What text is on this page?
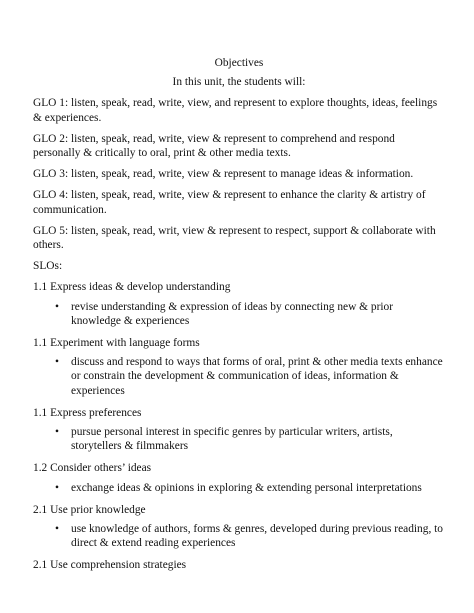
Objectives
In this unit, the students will:

GLO 1: listen, speak, read, write, view, and represent to explore thoughts, ideas, feelings & experiences.

GLO 2: listen, speak, read, write, view & represent to comprehend and respond personally & critically to oral, print & other media texts.

GLO 3: listen, speak, read, write, view & represent to manage ideas & information.

GLO 4: listen, speak, read, write, view & represent to enhance the clarity & artistry of communication.

GLO 5: listen, speak, read, writ, view & represent to respect, support & collaborate with others.

SLOs:
1.1 Express ideas & develop understanding
• revise understanding & expression of ideas by connecting new & prior knowledge & experiences
1.1 Experiment with language forms
• discuss and respond to ways that forms of oral, print & other media texts enhance or constrain the development & communication of ideas, information & experiences
1.1 Express preferences
• pursue personal interest in specific genres by particular writers, artists, storytellers & filmmakers
1.2 Consider others’ ideas
• exchange ideas & opinions in exploring & extending personal interpretations
2.1 Use prior knowledge
• use knowledge of authors, forms & genres, developed during previous reading, to direct & extend reading experiences
2.1 Use comprehension strategies
